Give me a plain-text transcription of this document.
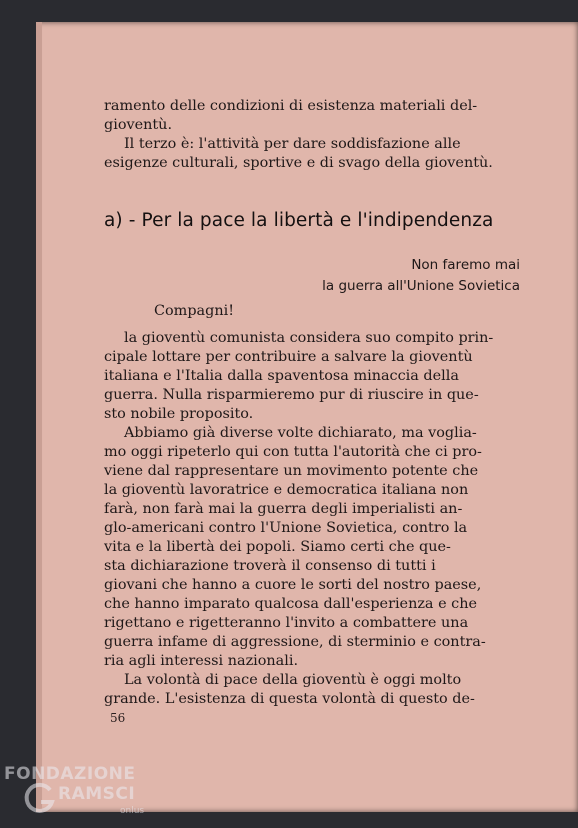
ramento delle condizioni di esistenza materiali del-

gioventù.

Il terzo è: l'attività per dare soddisfazione alle

esigenze culturali, sportive e di svago della gioventù.

a) - Per la pace la libertà e l'indipendenza
Non faremo mai
la guerra all'Unione Sovietica
Compagni!

la gioventù comunista considera suo compito prin-

cipale lottare per contribuire a salvare la gioventù

italiana e l'Italia dalla spaventosa minaccia della

guerra. Nulla risparmieremo pur di riuscire in que-

sto nobile proposito.

Abbiamo già diverse volte dichiarato, ma voglia-

mo oggi ripeterlo qui con tutta l'autorità che ci pro-

viene dal rappresentare un movimento potente che

la gioventù lavoratrice e democratica italiana non

farà, non farà mai la guerra degli imperialisti an-

glo-americani contro l'Unione Sovietica, contro la

vita e la libertà dei popoli. Siamo certi che que-

sta dichiarazione troverà il consenso di tutti i

giovani che hanno a cuore le sorti del nostro paese,

che hanno imparato qualcosa dall'esperienza e che

rigettano e rigetteranno l'invito a combattere una

guerra infame di aggressione, di sterminio e contra-

ria agli interessi nazionali.

La volontà di pace della gioventù è oggi molto

grande. L'esistenza di questa volontà di questo de-

56
FONDAZIONE
RAMSCI
onlus
